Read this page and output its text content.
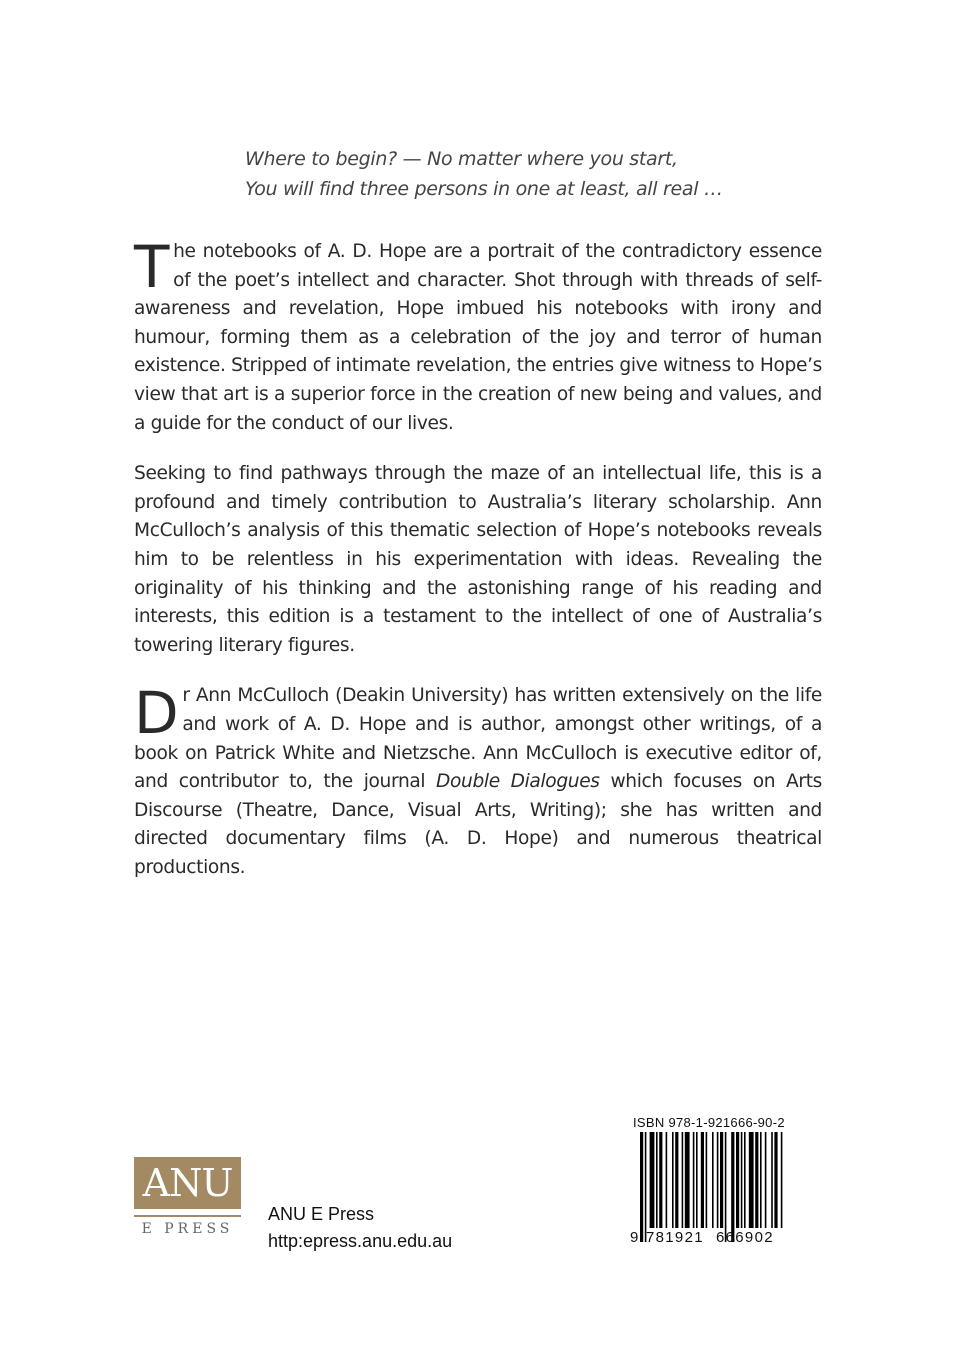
Where to begin? — No matter where you start,
You will find three persons in one at least, all real …

The notebooks of A. D. Hope are a portrait of the contradictory essence of the poet’s intellect and character. Shot through with threads of self-awareness and revelation, Hope imbued his notebooks with irony and humour, forming them as a celebration of the joy and terror of human existence. Stripped of intimate revelation, the entries give witness to Hope’s view that art is a superior force in the creation of new being and values, and a guide for the conduct of our lives.

Seeking to find pathways through the maze of an intellectual life, this is a profound and timely contribution to Australia’s literary scholarship. Ann McCulloch’s analysis of this thematic selection of Hope’s notebooks reveals him to be relentless in his experimentation with ideas. Revealing the originality of his thinking and the astonishing range of his reading and interests, this edition is a testament to the intellect of one of Australia’s towering literary figures.

Dr Ann McCulloch (Deakin University) has written extensively on the life and work of A. D. Hope and is author, amongst other writings, of a book on Patrick White and Nietzsche. Ann McCulloch is executive editor of, and contributor to, the journal Double Dialogues which focuses on Arts Discourse (Theatre, Dance, Visual Arts, Writing); she has written and directed documentary films (A. D. Hope) and numerous theatrical productions.

ANU
E PRESS
ANU E Press
http:epress.anu.edu.au
ISBN 978-1-921666-90-2
9 781921 666902
